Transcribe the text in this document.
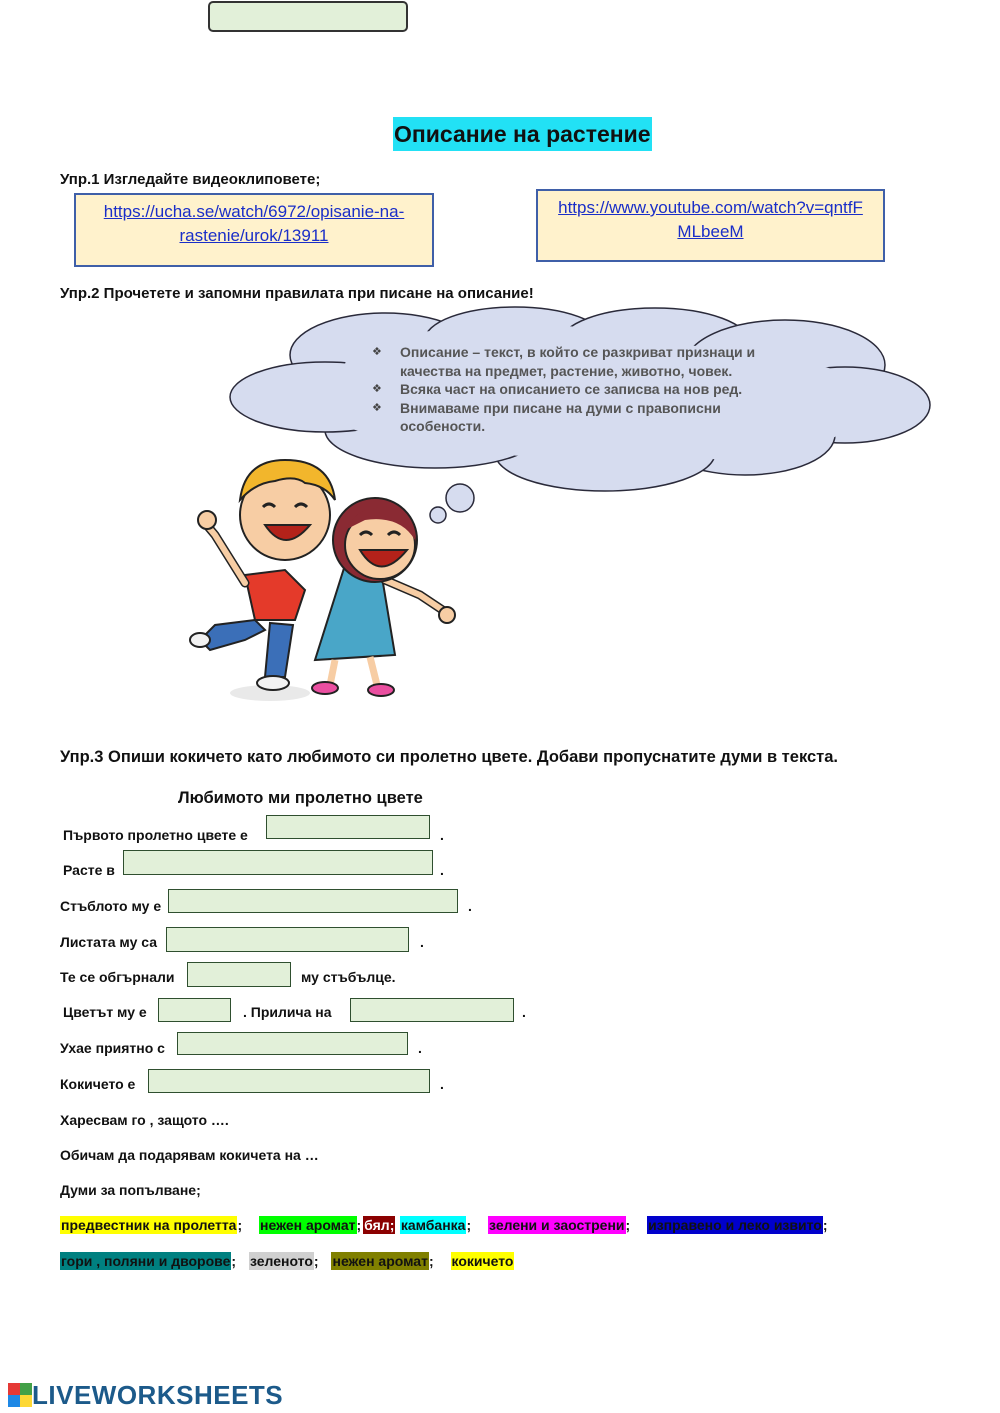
Описание на растение
Упр.1 Изгледайте видеоклиповете;
https://ucha.se/watch/6972/opisanie-na-
rastenie/urok/13911
https://www.youtube.com/watch?v=qntfF
MLbeeM
Упр.2 Прочетете и запомни правилата при писане на описание!
❖ Описание – текст, в който се разкриват признаци и качества на предмет, растение, животно, човек.
❖ Всяка част на описанието се записва на нов ред.
❖ Внимаваме при писане на думи с правописни особености.
Упр.3 Опиши кокичето като любимото си пролетно цвете. Добави пропуснатите думи в текста.
Любимото ми пролетно цвете
Първото пролетно цвете е	.
Расте в	.
Стъблото му е	.
Листата му са	.
Те се обгърнали	му стъбълце.
Цветът му е	. Прилича на	.
Ухае приятно с	.
Кокичето е	.
Харесвам го , защото ….
Обичам да подарявам кокичета на …
Думи за попълване;
предвестник на пролетта; нежен аромат; бял; камбанка; зелени и заострени; изправено и леко извито;
гори , поляни и дворове; зеленото; нежен аромат; кокичето
LIVEWORKSHEETS
